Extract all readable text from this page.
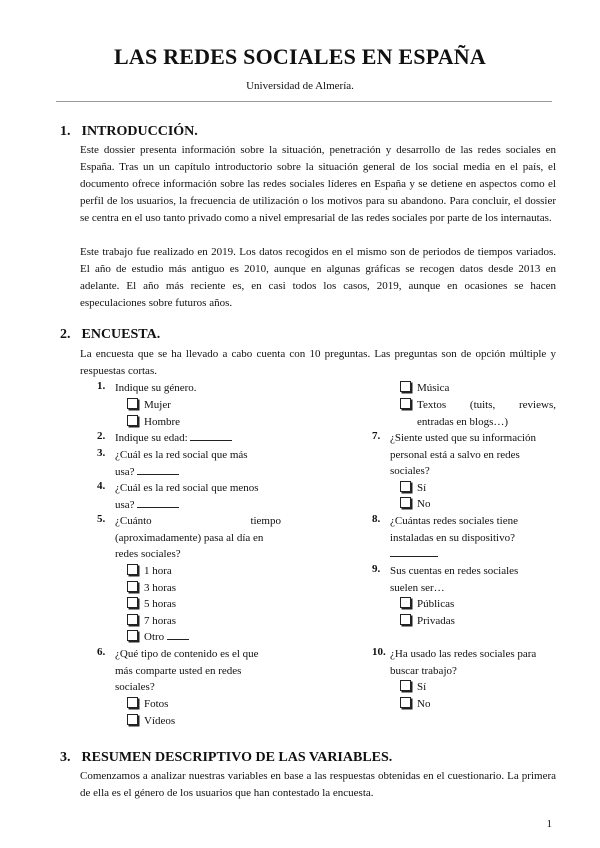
LAS REDES SOCIALES EN ESPAÑA
Universidad de Almería.
1. INTRODUCCIÓN.
Este dossier presenta información sobre la situación, penetración y desarrollo de las redes sociales en España. Tras un un capítulo introductorio sobre la situación general de los social media en el país, el documento ofrece información sobre las redes sociales líderes en España y se detiene en aspectos como el perfil de los usuarios, la frecuencia de utilización o los motivos para su abandono. Para concluir, el dossier se centra en el uso tanto privado como a nivel empresarial de las redes sociales por parte de los internautas.
Este trabajo fue realizado en 2019. Los datos recogidos en el mismo son de periodos de tiempos variados. El año de estudio más antiguo es 2010, aunque en algunas gráficas se recogen datos desde 2013 en adelante. El año más reciente es, en casi todos los casos, 2019, aunque en ocasiones se hacen especulaciones sobre futuros años.
2. ENCUESTA.
La encuesta que se ha llevado a cabo cuenta con 10 preguntas. Las preguntas son de opción múltiple y respuestas cortas.
1. Indique su género.
Mujer
Hombre
2. Indique su edad:
3. ¿Cuál es la red social que más
usa?
4. ¿Cuál es la red social que menos
usa?
5. ¿Cuánto	tiempo
(aproximadamente) pasa al día en
redes sociales?
1 hora
3 horas
5 horas
7 horas
Otro
6. ¿Qué tipo de contenido es el que
más comparte usted en redes
sociales?
Fotos
Vídeos
Música
Textos (tuits, reviews,
entradas en blogs…)
7. ¿Siente usted que su información
personal está a salvo en redes
sociales?
Sí
No
8. ¿Cuántas redes sociales tiene
instaladas en su dispositivo?
9. Sus cuentas en redes sociales
suelen ser…
Públicas
Privadas
10. ¿Ha usado las redes sociales para
buscar trabajo?
Sí
No
3. RESUMEN DESCRIPTIVO DE LAS VARIABLES.
Comenzamos a analizar nuestras variables en base a las respuestas obtenidas en el cuestionario. La primera de ella es el género de los usuarios que han contestado la encuesta.
1
